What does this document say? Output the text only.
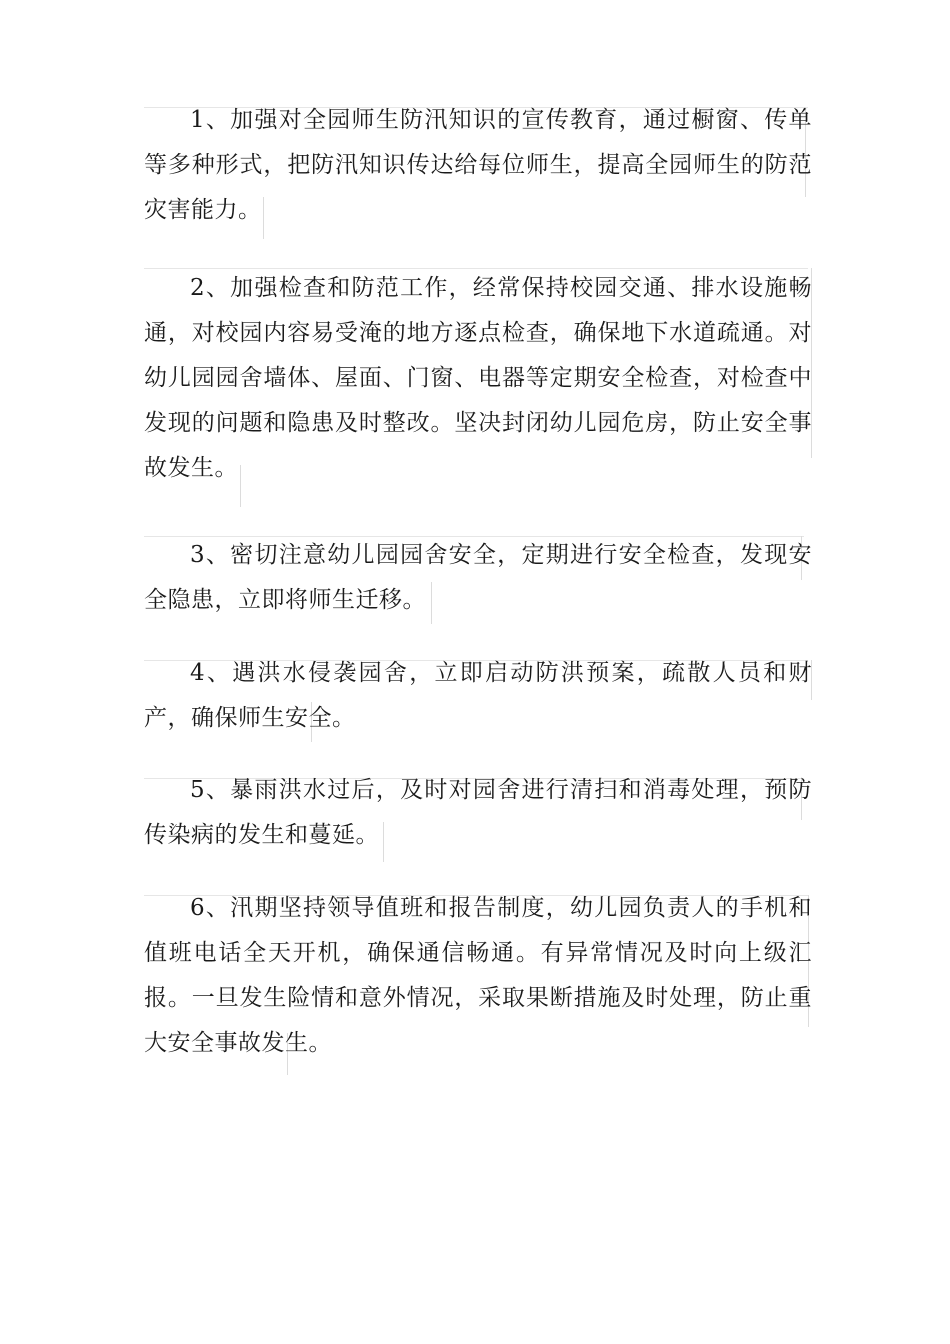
1、加强对全园师生防汛知识的宣传教育，通过橱窗、传单等多种形式，把防汛知识传达给每位师生，提高全园师生的防范灾害能力。

2、加强检查和防范工作，经常保持校园交通、排水设施畅通，对校园内容易受淹的地方逐点检查，确保地下水道疏通。对幼儿园园舍墙体、屋面、门窗、电器等定期安全检查，对检查中发现的问题和隐患及时整改。坚决封闭幼儿园危房，防止安全事故发生。

3、密切注意幼儿园园舍安全，定期进行安全检查，发现安全隐患，立即将师生迁移。

4、遇洪水侵袭园舍，立即启动防洪预案，疏散人员和财产，确保师生安全。

5、暴雨洪水过后，及时对园舍进行清扫和消毒处理，预防传染病的发生和蔓延。

6、汛期坚持领导值班和报告制度，幼儿园负责人的手机和值班电话全天开机，确保通信畅通。有异常情况及时向上级汇报。一旦发生险情和意外情况，采取果断措施及时处理，防止重大安全事故发生。
